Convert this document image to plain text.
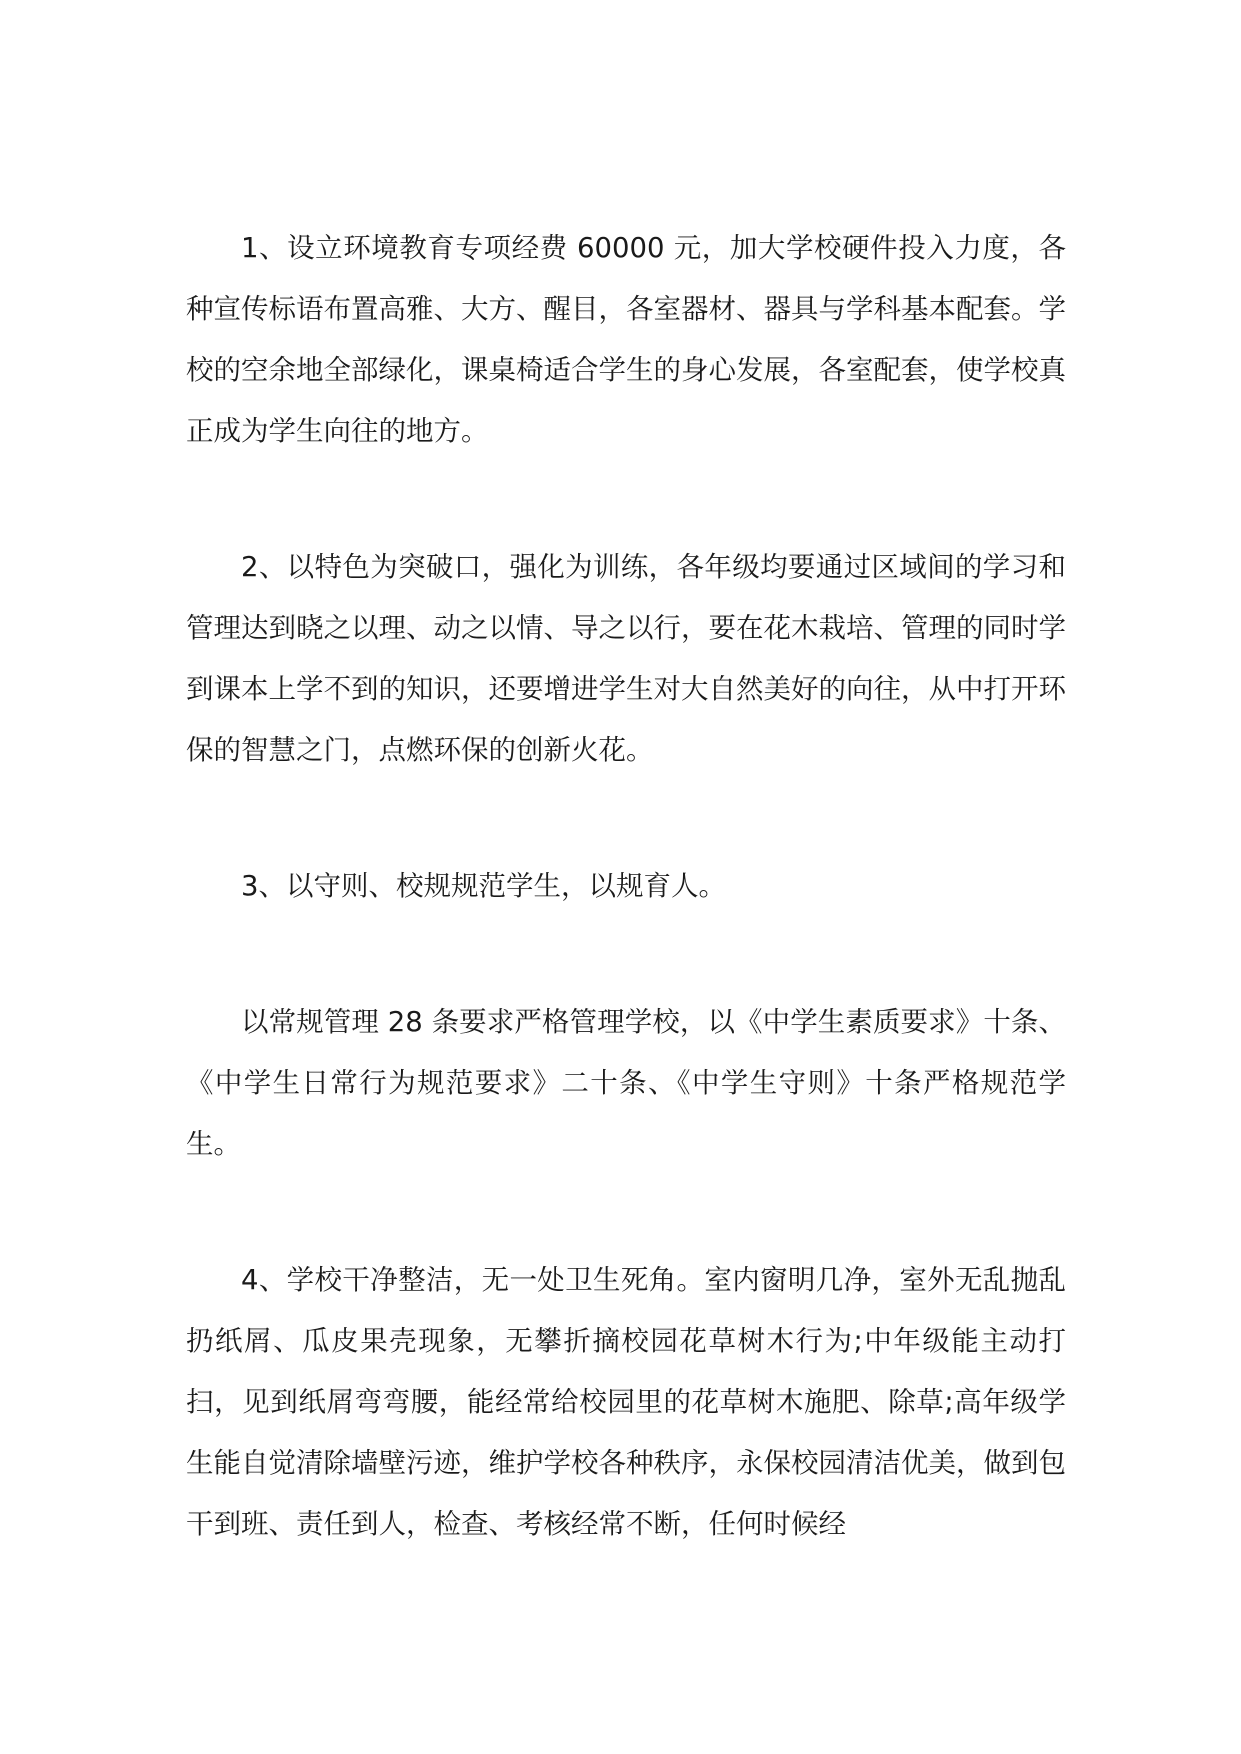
1、设立环境教育专项经费 60000 元，加大学校硬件投入力度，各种宣传标语布置高雅、大方、醒目，各室器材、器具与学科基本配套。学校的空余地全部绿化，课桌椅适合学生的身心发展，各室配套，使学校真正成为学生向往的地方。

2、以特色为突破口，强化为训练，各年级均要通过区域间的学习和管理达到晓之以理、动之以情、导之以行，要在花木栽培、管理的同时学到课本上学不到的知识，还要增进学生对大自然美好的向往，从中打开环保的智慧之门，点燃环保的创新火花。

3、以守则、校规规范学生，以规育人。

以常规管理 28 条要求严格管理学校，以《中学生素质要求》十条、《中学生日常行为规范要求》二十条、《中学生守则》十条严格规范学生。

4、学校干净整洁，无一处卫生死角。室内窗明几净，室外无乱抛乱扔纸屑、瓜皮果壳现象，无攀折摘校园花草树木行为;中年级能主动打扫，见到纸屑弯弯腰，能经常给校园里的花草树木施肥、除草;高年级学生能自觉清除墙壁污迹，维护学校各种秩序，永保校园清洁优美，做到包干到班、责任到人，检查、考核经常不断，任何时候经
